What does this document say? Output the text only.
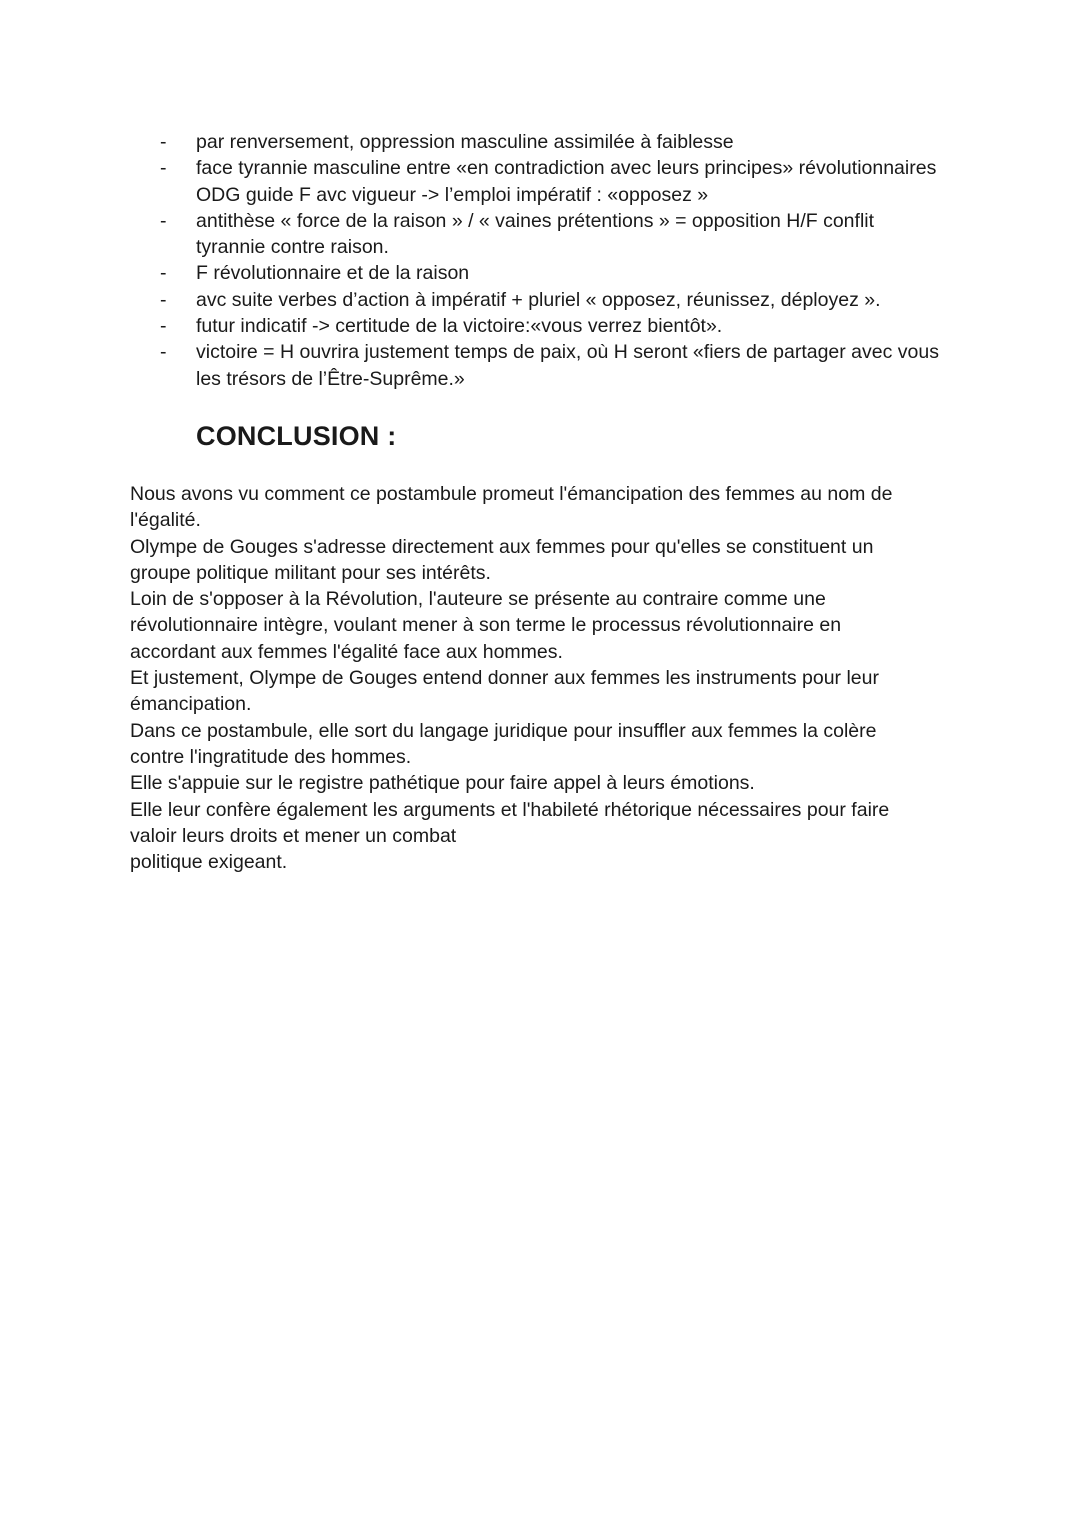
- par renversement, oppression masculine assimilée à faiblesse
- face tyrannie masculine entre «en contradiction avec leurs principes» révolutionnaires ODG guide F avc vigueur -> l’emploi impératif : «opposez »
- antithèse « force de la raison » / « vaines prétentions » = opposition H/F conflit tyrannie contre raison.
- F révolutionnaire et de la raison
- avc suite verbes d’action à impératif + pluriel « opposez, réunissez, déployez ».
- futur indicatif -> certitude de la victoire:«vous verrez bientôt».
- victoire = H ouvrira justement temps de paix, où H seront «fiers de partager avec vous les trésors de l’Être-Suprême.»
CONCLUSION :

Nous avons vu comment ce postambule promeut l'émancipation des femmes au nom de l'égalité.

Olympe de Gouges s'adresse directement aux femmes pour qu'elles se constituent un groupe politique militant pour ses intérêts.

Loin de s'opposer à la Révolution, l'auteure se présente au contraire comme une révolutionnaire intègre, voulant mener à son terme le processus révolutionnaire en accordant aux femmes l'égalité face aux hommes.

Et justement, Olympe de Gouges entend donner aux femmes les instruments pour leur émancipation.

Dans ce postambule, elle sort du langage juridique pour insuffler aux femmes la colère contre l'ingratitude des hommes.

Elle s'appuie sur le registre pathétique pour faire appel à leurs émotions.

Elle leur confère également les arguments et l'habileté rhétorique nécessaires pour faire valoir leurs droits et mener un combat

politique exigeant.
